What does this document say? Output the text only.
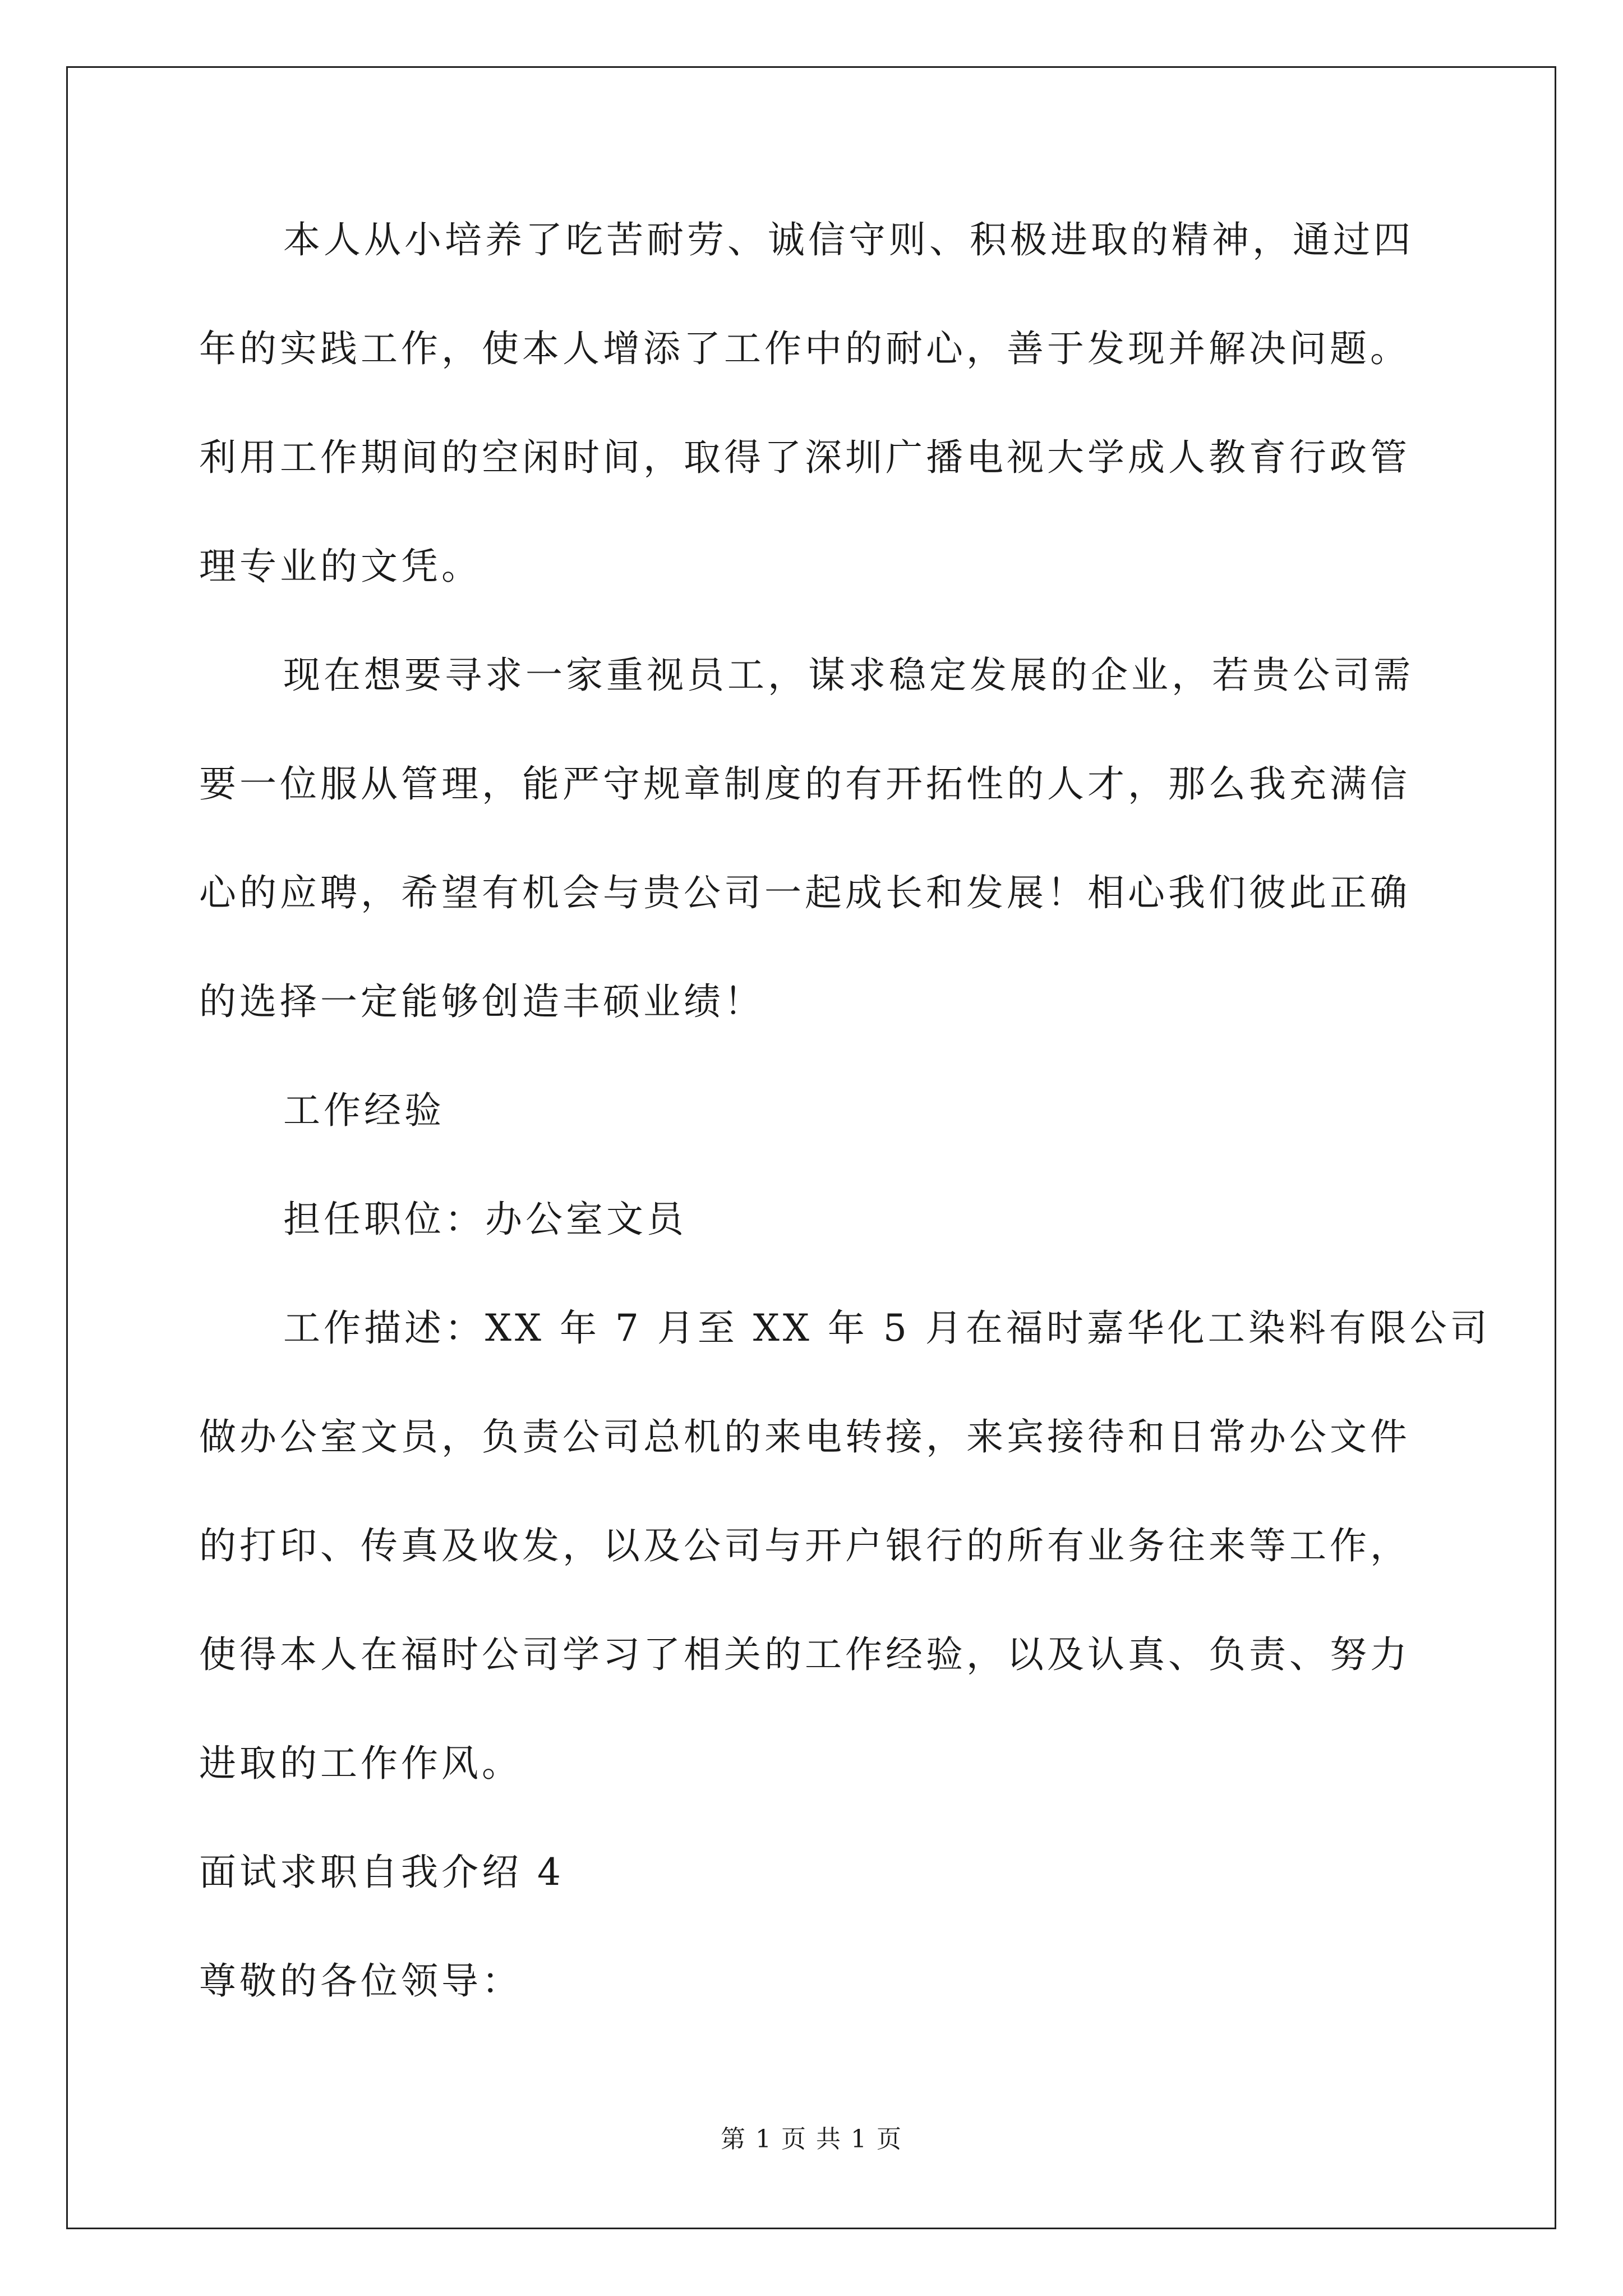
本人从小培养了吃苦耐劳、诚信守则、积极进取的精神，通过四
年的实践工作，使本人增添了工作中的耐心，善于发现并解决问题。
利用工作期间的空闲时间，取得了深圳广播电视大学成人教育行政管
理专业的文凭。
现在想要寻求一家重视员工，谋求稳定发展的企业，若贵公司需
要一位服从管理，能严守规章制度的有开拓性的人才，那么我充满信
心的应聘，希望有机会与贵公司一起成长和发展！相心我们彼此正确
的选择一定能够创造丰硕业绩！
工作经验
担任职位：办公室文员
工作描述：XX 年 7 月至 XX 年 5 月在福时嘉华化工染料有限公司
做办公室文员，负责公司总机的来电转接，来宾接待和日常办公文件
的打印、传真及收发，以及公司与开户银行的所有业务往来等工作，
使得本人在福时公司学习了相关的工作经验，以及认真、负责、努力
进取的工作作风。
面试求职自我介绍 4
尊敬的各位领导：
第 1 页 共 1 页
